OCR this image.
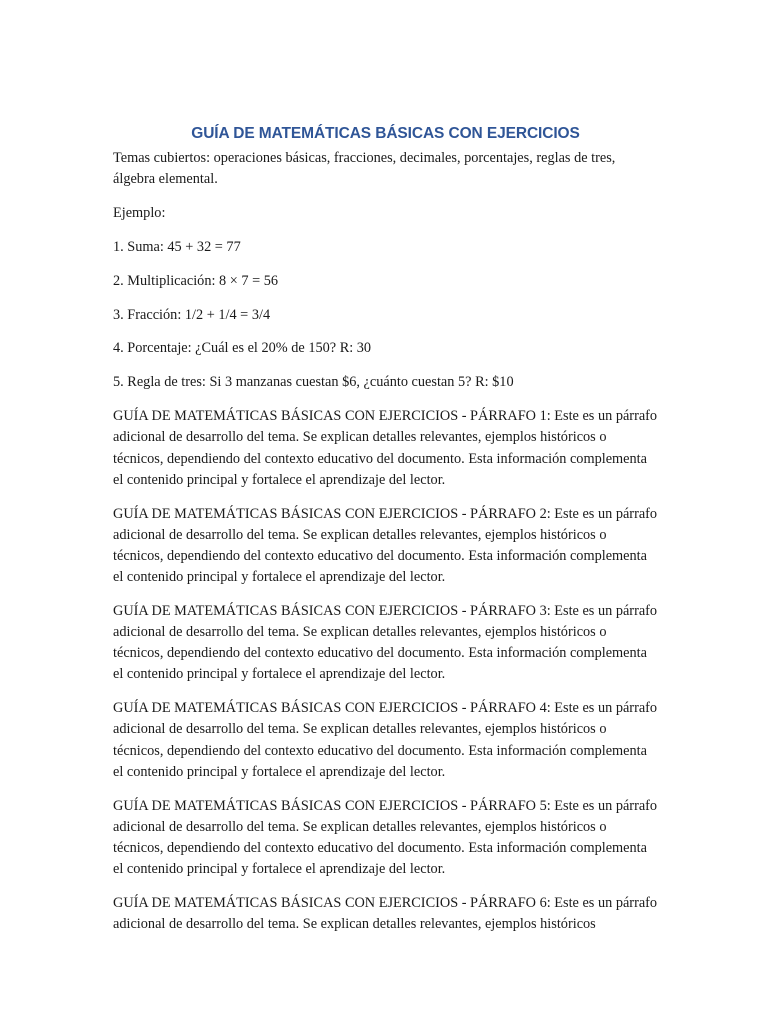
GUÍA DE MATEMÁTICAS BÁSICAS CON EJERCICIOS

Temas cubiertos: operaciones básicas, fracciones, decimales, porcentajes, reglas de tres, álgebra elemental.

Ejemplo:

1. Suma: 45 + 32 = 77

2. Multiplicación: 8 × 7 = 56

3. Fracción: 1/2 + 1/4 = 3/4

4. Porcentaje: ¿Cuál es el 20% de 150? R: 30

5. Regla de tres: Si 3 manzanas cuestan $6, ¿cuánto cuestan 5? R: $10

GUÍA DE MATEMÁTICAS BÁSICAS CON EJERCICIOS - PÁRRAFO 1: Este es un párrafo adicional de desarrollo del tema. Se explican detalles relevantes, ejemplos históricos o técnicos, dependiendo del contexto educativo del documento. Esta información complementa el contenido principal y fortalece el aprendizaje del lector.

GUÍA DE MATEMÁTICAS BÁSICAS CON EJERCICIOS - PÁRRAFO 2: Este es un párrafo adicional de desarrollo del tema. Se explican detalles relevantes, ejemplos históricos o técnicos, dependiendo del contexto educativo del documento. Esta información complementa el contenido principal y fortalece el aprendizaje del lector.

GUÍA DE MATEMÁTICAS BÁSICAS CON EJERCICIOS - PÁRRAFO 3: Este es un párrafo adicional de desarrollo del tema. Se explican detalles relevantes, ejemplos históricos o técnicos, dependiendo del contexto educativo del documento. Esta información complementa el contenido principal y fortalece el aprendizaje del lector.

GUÍA DE MATEMÁTICAS BÁSICAS CON EJERCICIOS - PÁRRAFO 4: Este es un párrafo adicional de desarrollo del tema. Se explican detalles relevantes, ejemplos históricos o técnicos, dependiendo del contexto educativo del documento. Esta información complementa el contenido principal y fortalece el aprendizaje del lector.

GUÍA DE MATEMÁTICAS BÁSICAS CON EJERCICIOS - PÁRRAFO 5: Este es un párrafo adicional de desarrollo del tema. Se explican detalles relevantes, ejemplos históricos o técnicos, dependiendo del contexto educativo del documento. Esta información complementa el contenido principal y fortalece el aprendizaje del lector.

GUÍA DE MATEMÁTICAS BÁSICAS CON EJERCICIOS - PÁRRAFO 6: Este es un párrafo adicional de desarrollo del tema. Se explican detalles relevantes, ejemplos históricos
